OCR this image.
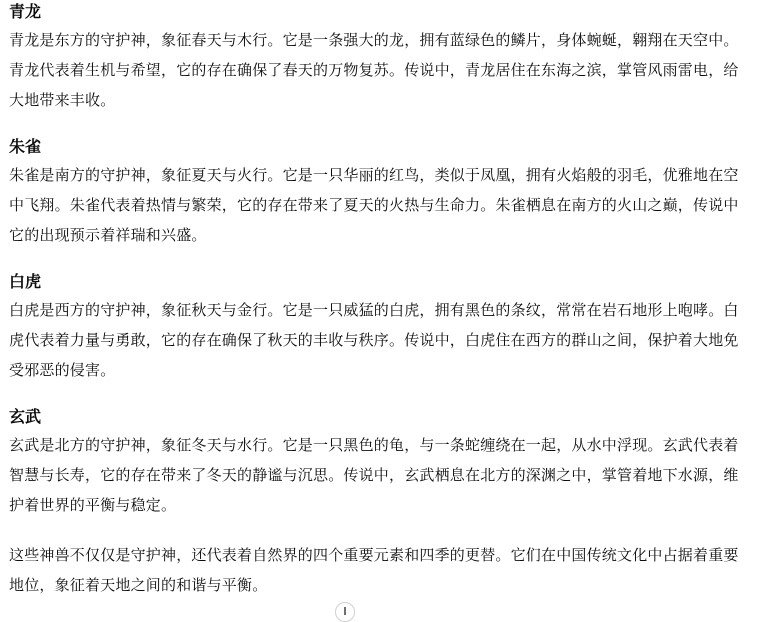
青龙

青龙是东方的守护神，象征春天与木行。它是一条强大的龙，拥有蓝绿色的鳞片，身体蜿蜒，翱翔在天空中。青龙代表着生机与希望，它的存在确保了春天的万物复苏。传说中，青龙居住在东海之滨，掌管风雨雷电，给大地带来丰收。

朱雀

朱雀是南方的守护神，象征夏天与火行。它是一只华丽的红鸟，类似于凤凰，拥有火焰般的羽毛，优雅地在空中飞翔。朱雀代表着热情与繁荣，它的存在带来了夏天的火热与生命力。朱雀栖息在南方的火山之巅，传说中它的出现预示着祥瑞和兴盛。

白虎

白虎是西方的守护神，象征秋天与金行。它是一只威猛的白虎，拥有黑色的条纹，常常在岩石地形上咆哮。白虎代表着力量与勇敢，它的存在确保了秋天的丰收与秩序。传说中，白虎住在西方的群山之间，保护着大地免受邪恶的侵害。

玄武

玄武是北方的守护神，象征冬天与水行。它是一只黑色的龟，与一条蛇缠绕在一起，从水中浮现。玄武代表着智慧与长寿，它的存在带来了冬天的静谧与沉思。传说中，玄武栖息在北方的深渊之中，掌管着地下水源，维护着世界的平衡与稳定。

这些神兽不仅仅是守护神，还代表着自然界的四个重要元素和四季的更替。它们在中国传统文化中占据着重要地位，象征着天地之间的和谐与平衡。
